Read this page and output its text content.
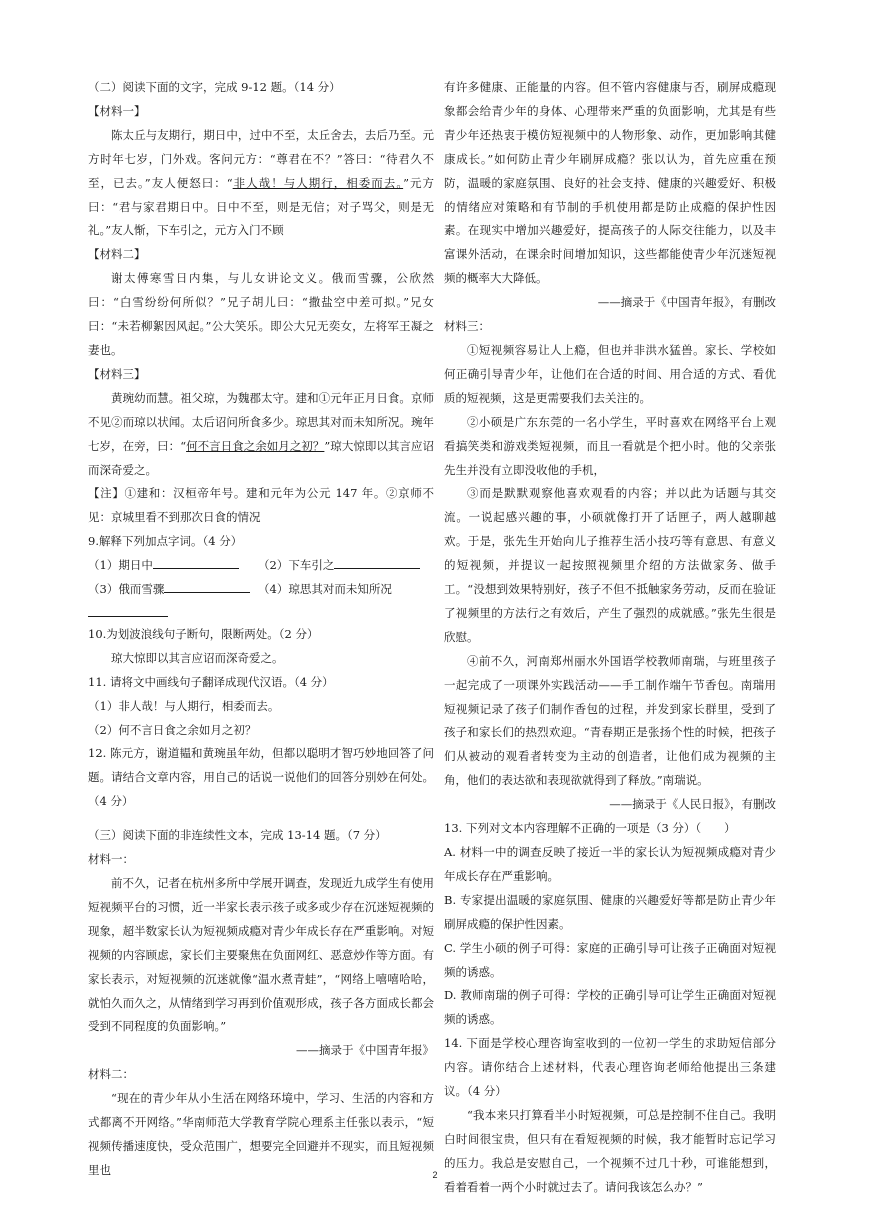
（二）阅读下面的文字，完成 9-12 题。（14 分）

【材料一】

陈太丘与友期行，期日中，过中不至，太丘舍去，去后乃至。元方时年七岁，门外戏。客问元方：“尊君在不？”答曰：“待君久不至，已去。”友人便怒曰：“非人哉！与人期行，相委而去。”元方曰：“君与家君期日中。日中不至，则是无信；对子骂父，则是无礼。”友人惭，下车引之，元方入门不顾

【材料二】

谢太傅寒雪日内集，与儿女讲论文义。俄而雪骤，公欣然曰：“白雪纷纷何所似？”兄子胡儿曰：“撒盐空中差可拟。”兄女曰：“未若柳絮因风起。”公大笑乐。即公大兄无奕女，左将军王凝之妻也。

【材料三】

黄琬幼而慧。祖父琼，为魏郡太守。建和①元年正月日食。京师不见②而琼以状闻。太后诏问所食多少。琼思其对而未知所况。琬年七岁，在旁，曰：“何不言日食之余如月之初？”琼大惊即以其言应诏而深奇爱之。

【注】①建和：汉桓帝年号。建和元年为公元 147 年。②京师不见：京城里看不到那次日食的情况

9.解释下列加点字词。（4 分）

（1）期日中	（2）下车引之

（3）俄而雪骤	（4）琼思其对而未知所况

10.为划波浪线句子断句，限断两处。（2 分）

琼大惊即以其言应诏而深奇爱之。

11. 请将文中画线句子翻译成现代汉语。（4 分）

（1）非人哉！与人期行，相委而去。

（2）何不言日食之余如月之初？

12. 陈元方，谢道韫和黄琬虽年幼，但都以聪明才智巧妙地回答了问题。请结合文章内容，用自己的话说一说他们的回答分别妙在何处。（4 分）

（三）阅读下面的非连续性文本，完成 13-14 题。（7 分）

材料一：

前不久，记者在杭州多所中学展开调查，发现近九成学生有使用短视频平台的习惯，近一半家长表示孩子或多或少存在沉迷短视频的现象，超半数家长认为短视频成瘾对青少年成长存在严重影响。对短视频的内容顾虑，家长们主要聚焦在负面网红、恶意炒作等方面。有家长表示，对短视频的沉迷就像“温水煮青蛙”，“网络上嘻嘻哈哈，就怕久而久之，从情绪到学习再到价值观形成，孩子各方面成长都会受到不同程度的负面影响。”

——摘录于《中国青年报》

材料二：

“现在的青少年从小生活在网络环境中，学习、生活的内容和方式都离不开网络。”华南师范大学教育学院心理系主任张以表示，“短视频传播速度快，受众范围广，想要完全回避并不现实，而且短视频里也

有许多健康、正能量的内容。但不管内容健康与否，刷屏成瘾现象都会给青少年的身体、心理带来严重的负面影响，尤其是有些青少年还热衷于模仿短视频中的人物形象、动作，更加影响其健康成长。”如何防止青少年刷屏成瘾？张以认为，首先应重在预防，温暖的家庭氛围、良好的社会支持、健康的兴趣爱好、积极的情绪应对策略和有节制的手机使用都是防止成瘾的保护性因素。在现实中增加兴趣爱好，提高孩子的人际交往能力，以及丰富课外活动，在课余时间增加知识，这些都能使青少年沉迷短视频的概率大大降低。

——摘录于《中国青年报》，有删改

材料三：

①短视频容易让人上瘾，但也并非洪水猛兽。家长、学校如何正确引导青少年，让他们在合适的时间、用合适的方式、看优质的短视频，这是更需要我们去关注的。

②小硕是广东东莞的一名小学生，平时喜欢在网络平台上观看搞笑类和游戏类短视频，而且一看就是个把小时。他的父亲张先生并没有立即没收他的手机，

③而是默默观察他喜欢观看的内容；并以此为话题与其交流。一说起感兴趣的事，小硕就像打开了话匣子，两人越聊越欢。于是，张先生开始向儿子推荐生活小技巧等有意思、有意义的短视频，并提议一起按照视频里介绍的方法做家务、做手工。“没想到效果特别好，孩子不但不抵触家务劳动，反而在验证了视频里的方法行之有效后，产生了强烈的成就感。”张先生很是欣慰。

④前不久，河南郑州丽水外国语学校教师南瑞，与班里孩子一起完成了一项课外实践活动——手工制作端午节香包。南瑞用短视频记录了孩子们制作香包的过程，并发到家长群里，受到了孩子和家长们的热烈欢迎。“青春期正是张扬个性的时候，把孩子们从被动的观看者转变为主动的创造者，让他们成为视频的主角，他们的表达欲和表现欲就得到了释放。”南瑞说。

——摘录于《人民日报》，有删改

13. 下列对文本内容理解不正确的一项是（3 分）（　　）

A. 材料一中的调查反映了接近一半的家长认为短视频成瘾对青少年成长存在严重影响。

B. 专家提出温暖的家庭氛围、健康的兴趣爱好等都是防止青少年刷屏成瘾的保护性因素。

C. 学生小硕的例子可得：家庭的正确引导可让孩子正确面对短视频的诱惑。

D. 教师南瑞的例子可得：学校的正确引导可让学生正确面对短视频的诱惑。

14. 下面是学校心理咨询室收到的一位初一学生的求助短信部分内容。请你结合上述材料，代表心理咨询老师给他提出三条建议。（4 分）

“我本来只打算看半小时短视频，可总是控制不住自己。我明白时间很宝贵，但只有在看短视频的时候，我才能暂时忘记学习的压力。我总是安慰自己，一个视频不过几十秒，可谁能想到，看着看着一两个小时就过去了。请问我该怎么办？”

2
